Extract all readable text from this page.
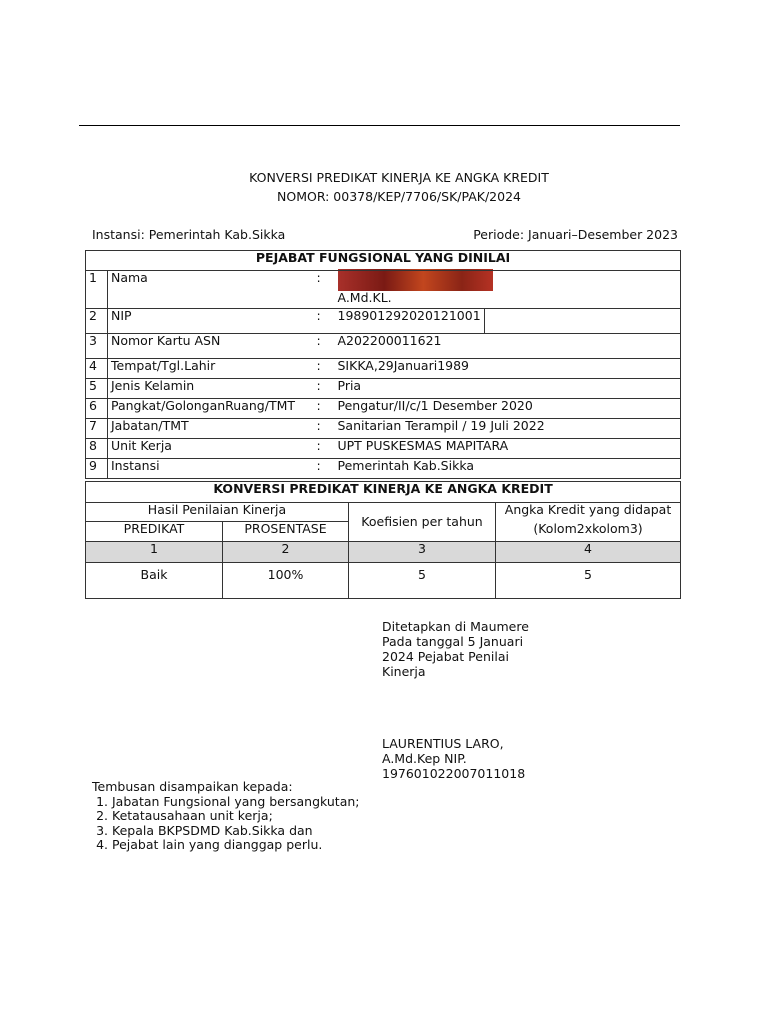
KONVERSI PREDIKAT KINERJA KE ANGKA KREDIT
NOMOR: 00378/KEP/7706/SK/PAK/2024
Instansi: Pemerintah Kab.Sikka	Periode: Januari–Desember 2023
PEJABAT FUNGSIONAL YANG DINILAI				
1	Nama	:	A.Md.KL.	
2	NIP	:	198901292020121001	
3	Nomor Kartu ASN	:	A202200011621	
4	Tempat/Tgl.Lahir	:	SIKKA,29Januari1989	
5	Jenis Kelamin	:	Pria	
6	Pangkat/GolonganRuang/TMT	:	Pengatur/II/c/1 Desember 2020	
7	Jabatan/TMT	:	Sanitarian Terampil / 19 Juli 2022	
8	Unit Kerja	:	UPT PUSKESMAS MAPITARA	
9	Instansi	:	Pemerintah Kab.Sikka	
KONVERSI PREDIKAT KINERJA KE ANGKA KREDIT			
Hasil Penilaian Kinerja		Koefisien per tahun	Angka Kredit yang didapat
PREDIKAT	PROSENTASE		(Kolom2xkolom3)
1	2	3	4
Baik	100%	5	5
Ditetapkan di Maumere
Pada tanggal 5 Januari 2024 Pejabat Penilai Kinerja
LAURENTIUS LARO,
A.Md.Kep NIP.
197601022007011018
Tembusan disampaikan kepada:
1. Jabatan Fungsional yang bersangkutan;
2. Ketatausahaan unit kerja;
3. Kepala BKPSDMD Kab.Sikka dan
4. Pejabat lain yang dianggap perlu.
